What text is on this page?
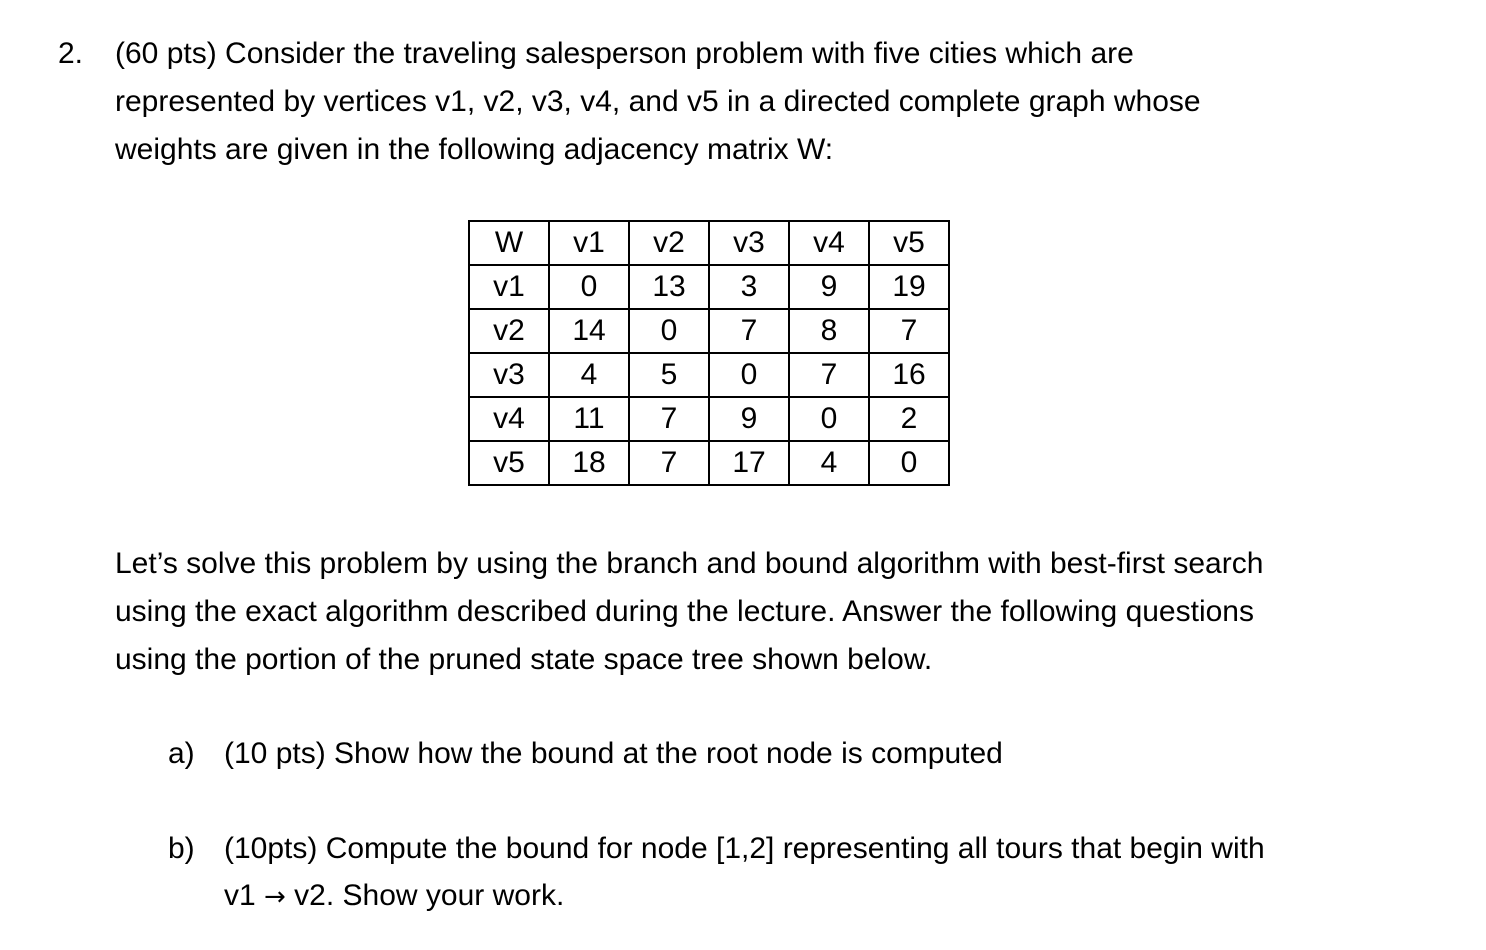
2. (60 pts) Consider the traveling salesperson problem with five cities which are
represented by vertices v1, v2, v3, v4, and v5 in a directed complete graph whose
weights are given in the following adjacency matrix W:
W	v1	v2	v3	v4	v5
v1	0	13	3	9	19
v2	14	0	7	8	7
v3	4	5	0	7	16
v4	11	7	9	0	2
v5	18	7	17	4	0
Let’s solve this problem by using the branch and bound algorithm with best-first search
using the exact algorithm described during the lecture. Answer the following questions
using the portion of the pruned state space tree shown below.
a) (10 pts) Show how the bound at the root node is computed
b) (10pts) Compute the bound for node [1,2] representing all tours that begin with
v1 → v2. Show your work.
